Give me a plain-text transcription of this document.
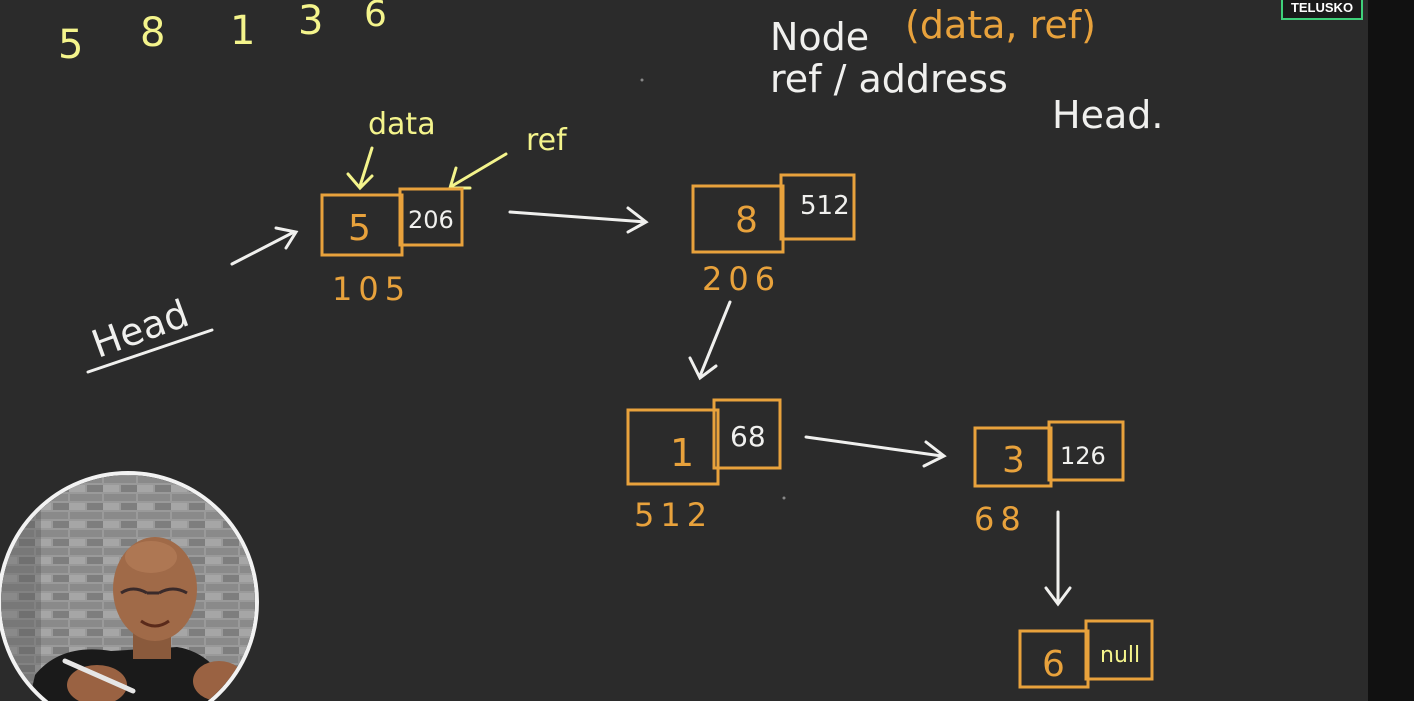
5 8 1 3 6
Node (data, ref)
ref / address
Head.
data	ref
Head
5 206
105
8 512
206
1 68
512
3 126
68
6 null
TELUSKO
